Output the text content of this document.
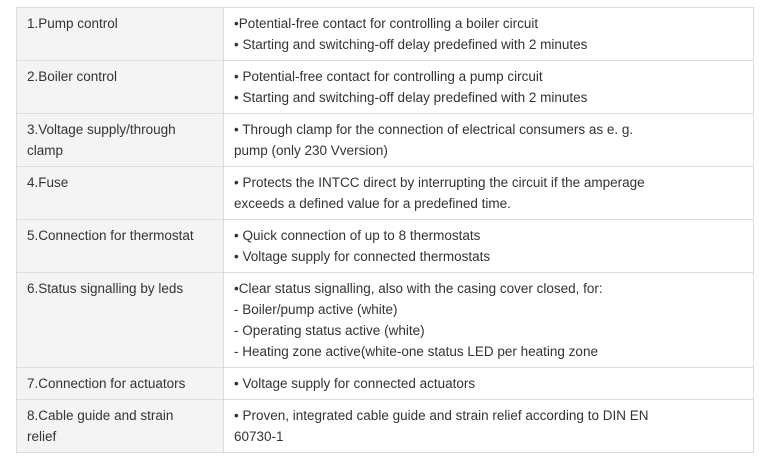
1.Pump control	•Potential-free contact for controlling a boiler circuit
• Starting and switching-off delay predefined with 2 minutes

2.Boiler control	• Potential-free contact for controlling a pump circuit
• Starting and switching-off delay predefined with 2 minutes

3.Voltage supply/through
clamp	• Through clamp for the connection of electrical consumers as e. g.
pump (only 230 Vversion)

4.Fuse	• Protects the INTCC direct by interrupting the circuit if the amperage
exceeds a defined value for a predefined time.

5.Connection for thermostat	• Quick connection of up to 8 thermostats
• Voltage supply for connected thermostats

6.Status signalling by leds	•Clear status signalling, also with the casing cover closed, for:
- Boiler/pump active (white)
- Operating status active (white)
- Heating zone active(white-one status LED per heating zone

7.Connection for actuators	• Voltage supply for connected actuators

8.Cable guide and strain
relief	• Proven, integrated cable guide and strain relief according to DIN EN
60730-1
